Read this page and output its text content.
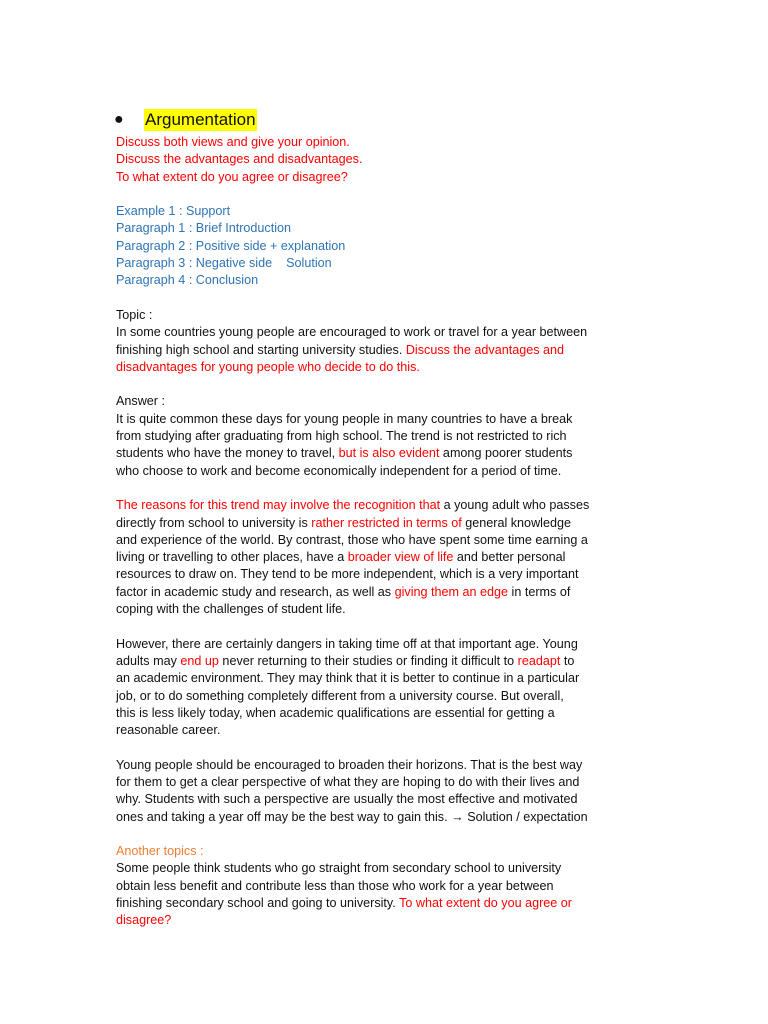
●	Argumentation
Discuss both views and give your opinion.
Discuss the advantages and disadvantages.
To what extent do you agree or disagree?
Example 1 : Support
Paragraph 1 : Brief Introduction
Paragraph 2 : Positive side + explanation
Paragraph 3 : Negative side    Solution
Paragraph 4 : Conclusion
Topic :
In some countries young people are encouraged to work or travel for a year between
finishing high school and starting university studies. Discuss the advantages and
disadvantages for young people who decide to do this.
Answer :

It is quite common these days for young people in many countries to have a break
from studying after graduating from high school. The trend is not restricted to rich
students who have the money to travel, but is also evident among poorer students
who choose to work and become economically independent for a period of time.

The reasons for this trend may involve the recognition that a young adult who passes
directly from school to university is rather restricted in terms of general knowledge
and experience of the world. By contrast, those who have spent some time earning a
living or travelling to other places, have a broader view of life and better personal
resources to draw on. They tend to be more independent, which is a very important
factor in academic study and research, as well as giving them an edge in terms of
coping with the challenges of student life.

However, there are certainly dangers in taking time off at that important age. Young
adults may end up never returning to their studies or finding it difficult to readapt to
an academic environment. They may think that it is better to continue in a particular
job, or to do something completely different from a university course. But overall,
this is less likely today, when academic qualifications are essential for getting a
reasonable career.

Young people should be encouraged to broaden their horizons. That is the best way
for them to get a clear perspective of what they are hoping to do with their lives and
why. Students with such a perspective are usually the most effective and motivated
ones and taking a year off may be the best way to gain this. → Solution / expectation

Another topics :
Some people think students who go straight from secondary school to university
obtain less benefit and contribute less than those who work for a year between
finishing secondary school and going to university. To what extent do you agree or
disagree?
